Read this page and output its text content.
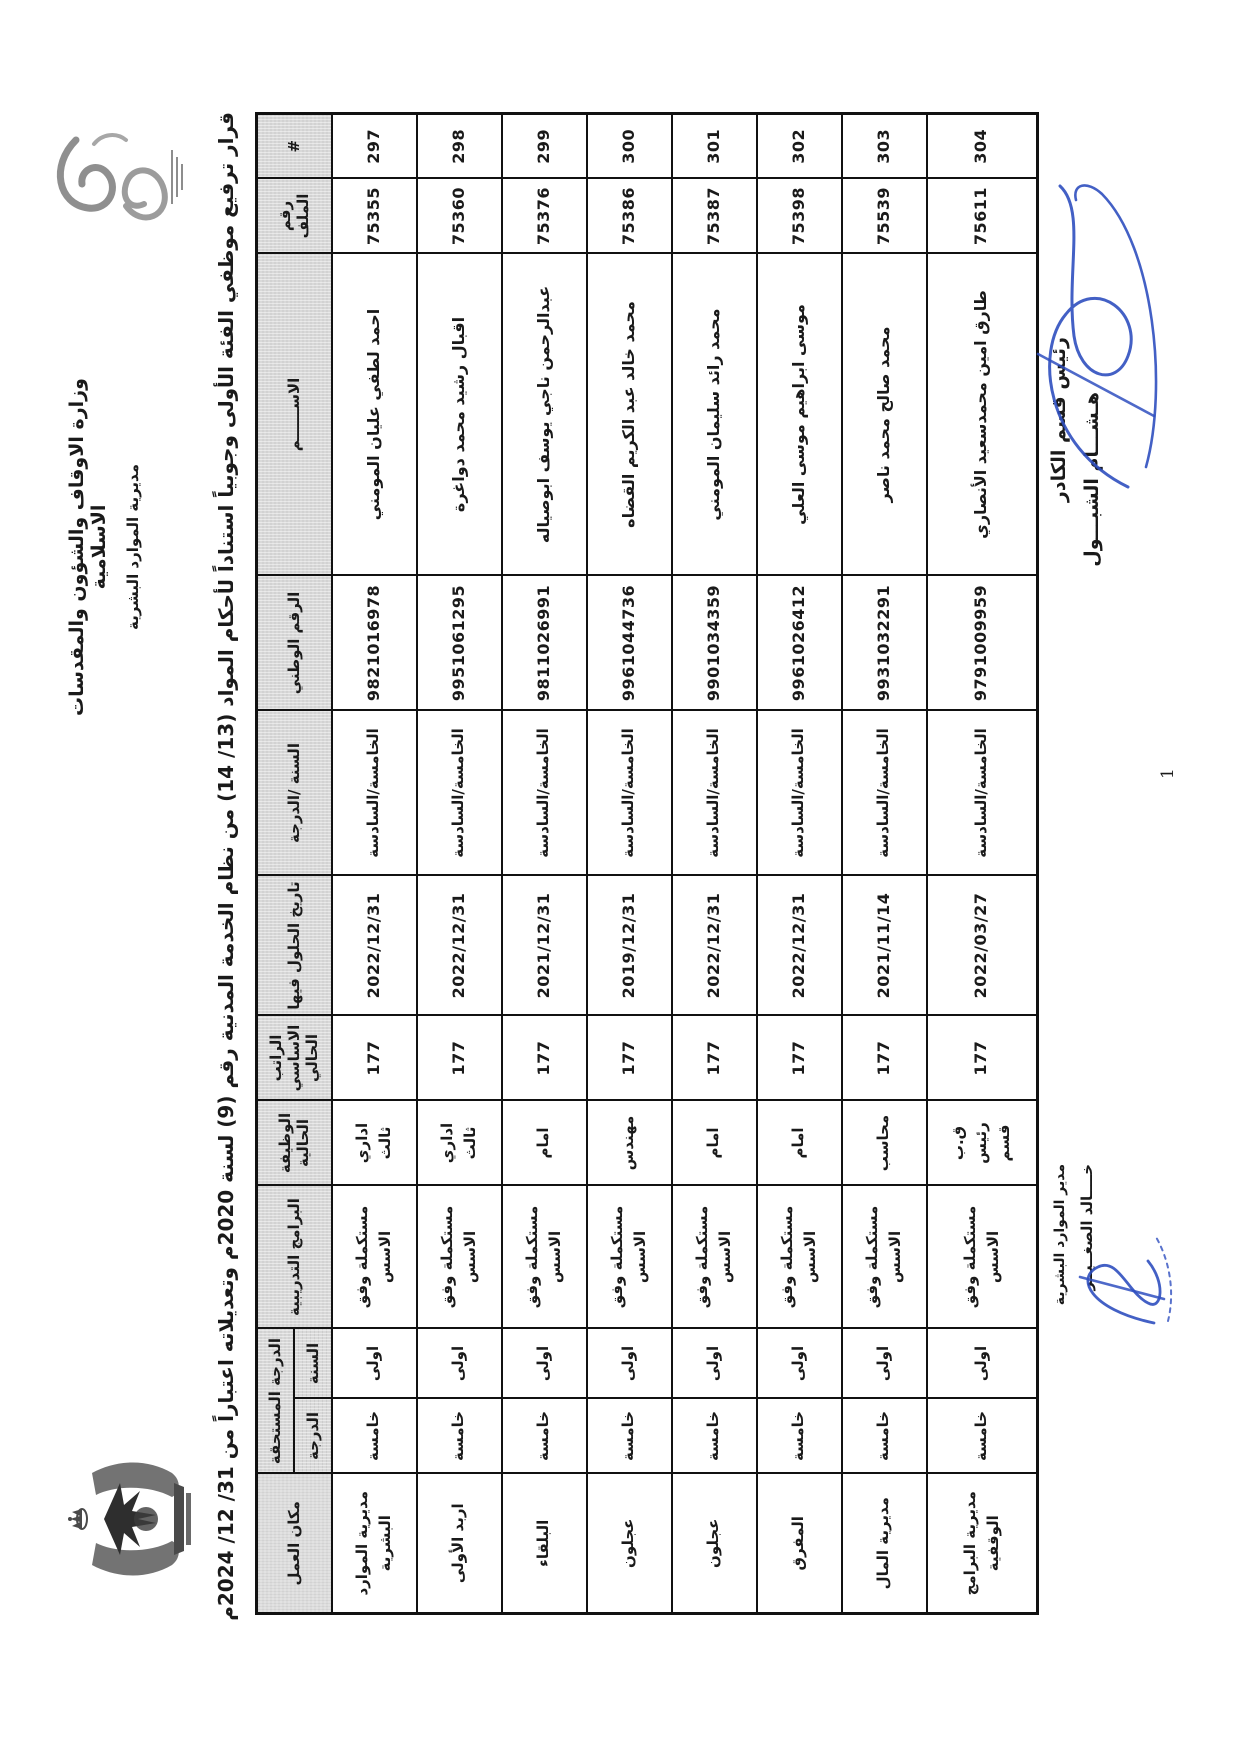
وزارة الاوقاف والشؤون والمقدسات الاسلامية مديرية الموارد البشرية
قرار ترفيع موظفي الفئة الأولى وجوبياً استناداً لأحكام المواد (13/ 14) من نظام الخدمة المدنية رقم (9) لسنة 2020م وتعديلاته اعتباراً من 31/ 12/ 2024م	#	رقم الملف	الاســــــم	الرقم الوطني	السنة /الدرجة	تاريخ الحلول فيها	الراتب الاساسي الحالي	الوظيفة الحالية	البرامج التدريبية	الدرجة المستحقة		مكان العمل
									السنة	الدرجة	
297	75355	احمد لطفي عليان المومني	9821016978	الخامسة/السادسة	2022/12/31	177	اداري ثالث	مستكملة وفق الاسس	اولى	خامسة	مديرية الموارد البشرية
298	75360	اقبال رشيد محمد دواغرة	9951061295	الخامسة/السادسة	2022/12/31	177	اداري ثالث	مستكملة وفق الاسس	اولى	خامسة	اربد الأولى
299	75376	عبدالرحمن ناجي يوسف ابوصياله	9811026991	الخامسة/السادسة	2021/12/31	177	امام	مستكملة وفق الاسس	اولى	خامسة	البلقاء
300	75386	محمد خالد عبد الكريم القضاه	9961044736	الخامسة/السادسة	2019/12/31	177	مهندس	مستكملة وفق الاسس	اولى	خامسة	عجلون
301	75387	محمد رائد سليمان المومني	9901034359	الخامسة/السادسة	2022/12/31	177	امام	مستكملة وفق الاسس	اولى	خامسة	عجلون
302	75398	موسى ابراهيم موسى العلي	9961026412	الخامسة/السادسة	2022/12/31	177	امام	مستكملة وفق الاسس	اولى	خامسة	المفرق
303	75539	محمد صالح محمد ناصر	9931032291	الخامسة/السادسة	2021/11/14	177	محاسب	مستكملة وفق الاسس	اولى	خامسة	مديرية المال
304	75611	طارق امين محمدسعيد الأنصاري	9791009959	الخامسة/السادسة	2022/03/27	177	ق.ب رئيس قسم	مستكملة وفق الاسس	اولى	خامسة	مديرية البرامج الوقفية
رئيس قسم الكادر هـشـــام الشبـــول
مدير الموارد البشرية خــــالد الصغــيــر
1
